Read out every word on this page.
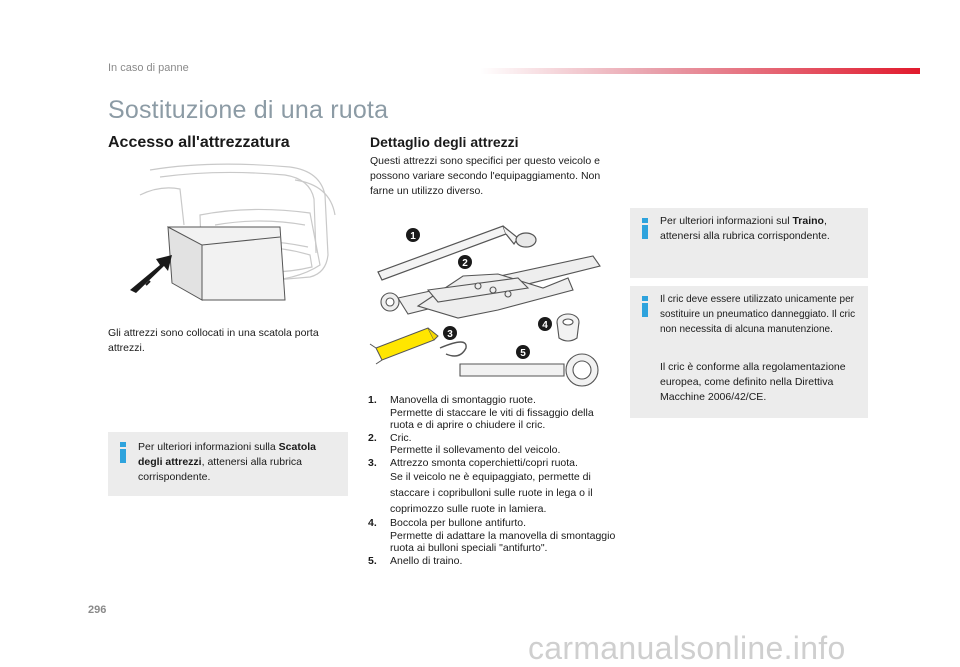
In caso di panne
Sostituzione di una ruota
Accesso all'attrezzatura
Gli attrezzi sono collocati in una scatola porta attrezzi.
Per ulteriori informazioni sulla Scatola degli attrezzi, attenersi alla rubrica corrispondente.
Dettaglio degli attrezzi
Questi attrezzi sono specifici per questo veicolo e possono variare secondo l'equipaggiamento. Non farne un utilizzo diverso.
1
2
3
4
5
1. Manovella di smontaggio ruote.
Permette di staccare le viti di fissaggio della ruota e di aprire o chiudere il cric.
2. Cric.
Permette il sollevamento del veicolo.
3. Attrezzo smonta coperchietti/copri ruota.
Se il veicolo ne è equipaggiato, permette di staccare i copribulloni sulle ruote in lega o il coprimozzo sulle ruote in lamiera.
4. Boccola per bullone antifurto.
Permette di adattare la manovella di smontaggio ruota ai bulloni speciali "antifurto".
5. Anello di traino.
Per ulteriori informazioni sul Traino, attenersi alla rubrica corrispondente.
Il cric deve essere utilizzato unicamente per sostituire un pneumatico danneggiato. Il cric non necessita di alcuna manutenzione.
Il cric è conforme alla regolamentazione europea, come definito nella Direttiva Macchine 2006/42/CE.
296
carmanualsonline.info
